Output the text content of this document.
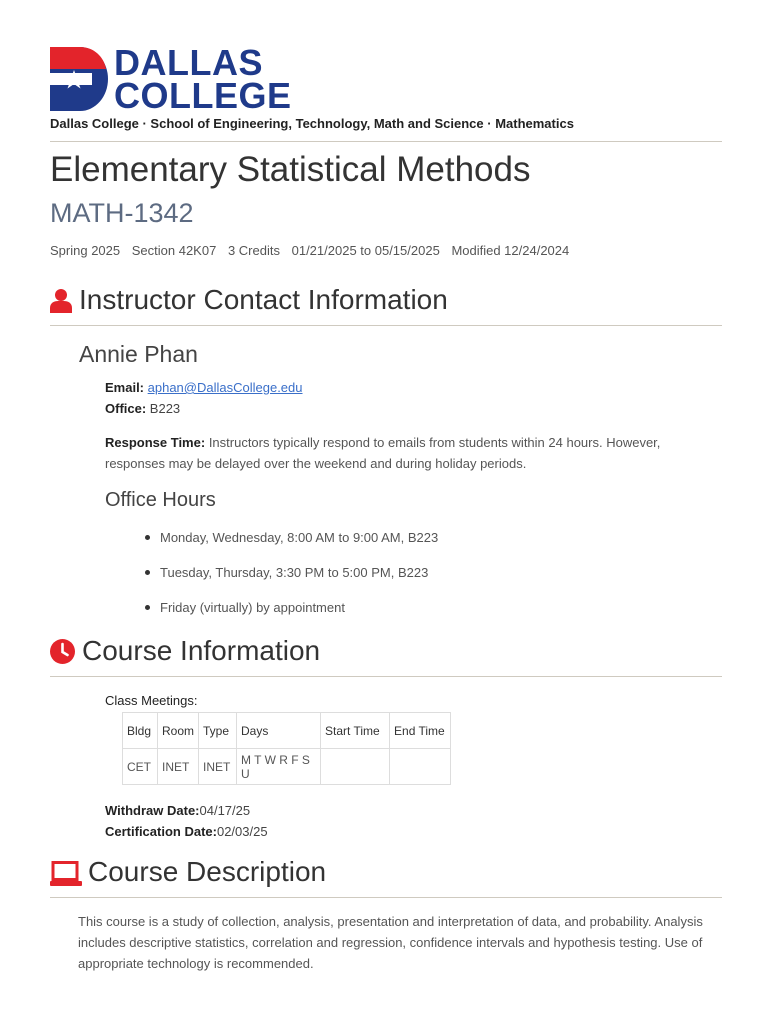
DALLAS
COLLEGE
Dallas College · School of Engineering, Technology, Math and Science · Mathematics
Elementary Statistical Methods
MATH-1342
Spring 2025 Section 42K07 3 Credits 01/21/2025 to 05/15/2025 Modified 12/24/2024
Instructor Contact Information
Annie Phan
Email: aphan@DallasCollege.edu
Office: B223
Response Time: Instructors typically respond to emails from students within 24 hours. However, responses may be delayed over the weekend and during holiday periods.
Office Hours
Monday, Wednesday, 8:00 AM to 9:00 AM, B223
Tuesday, Thursday, 3:30 PM to 5:00 PM, B223
Friday (virtually) by appointment
Course Information
Class Meetings:
Bldg	Room	Type	Days	Start Time	End Time
CET	INET	INET	M T W R F S U		
Withdraw Date:04/17/25
Certification Date:02/03/25
Course Description
This course is a study of collection, analysis, presentation and interpretation of data, and probability. Analysis includes descriptive statistics, correlation and regression, confidence intervals and hypothesis testing. Use of appropriate technology is recommended.
